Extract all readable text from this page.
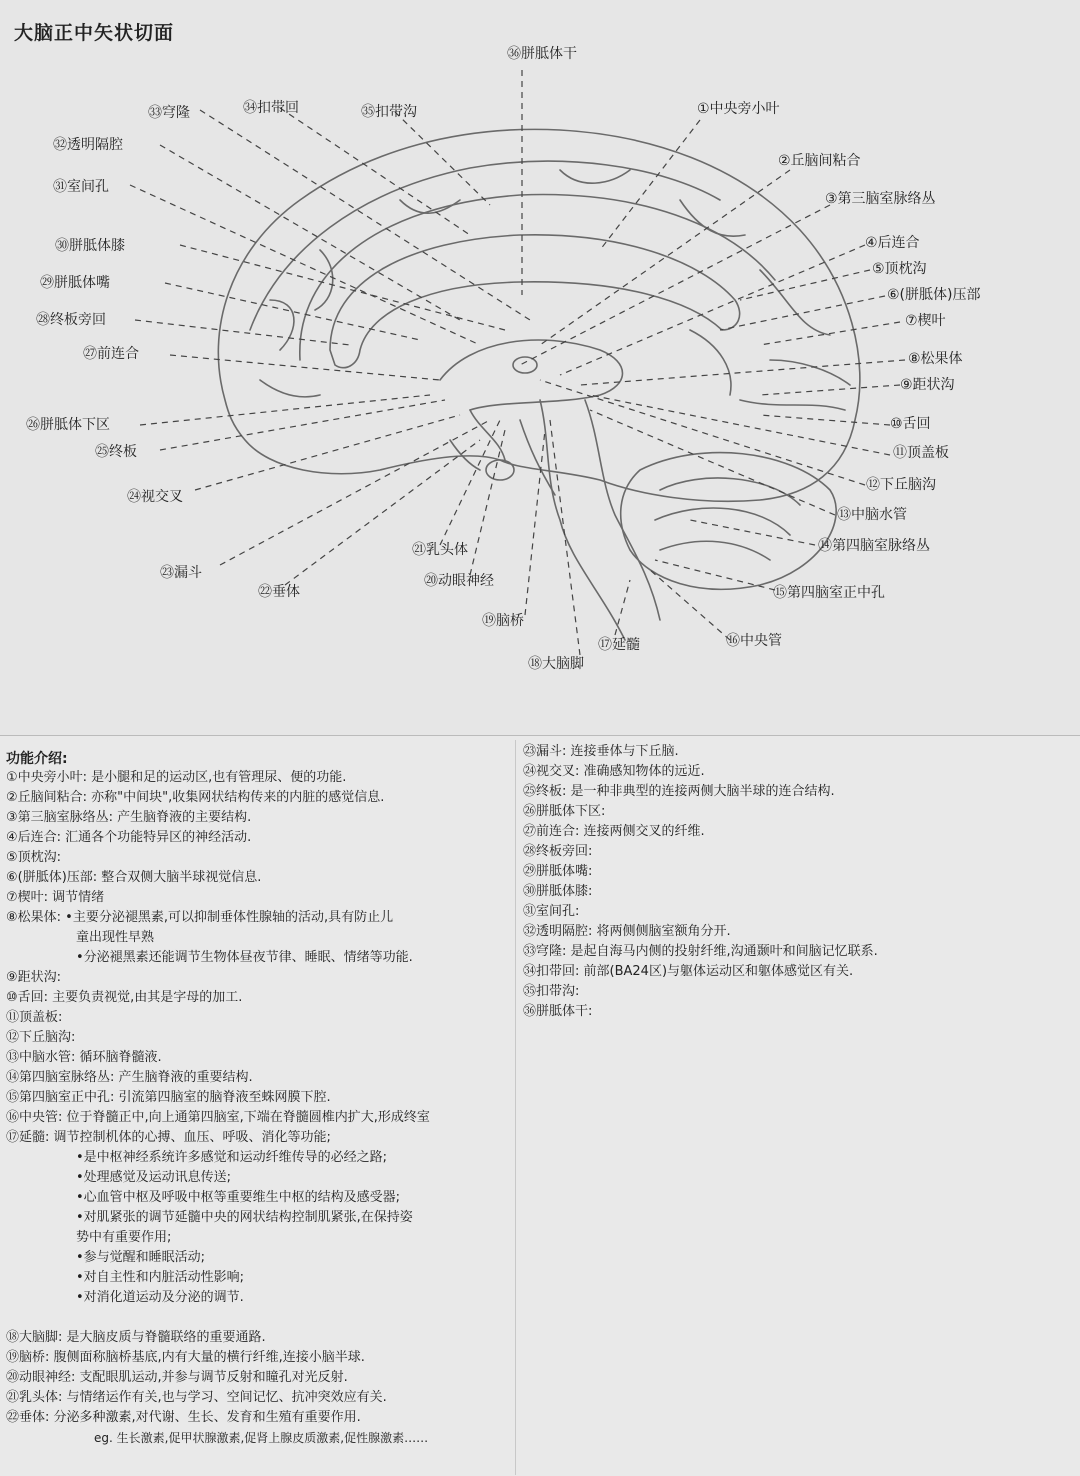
大脑正中矢状切面
㊱胼胝体干
①中央旁小叶
②丘脑间粘合
③第三脑室脉络丛
④后连合
⑤顶枕沟
⑥(胼胝体)压部
⑦楔叶
⑧松果体
⑨距状沟
⑩舌回
⑪顶盖板
⑫下丘脑沟
⑬中脑水管
⑭第四脑室脉络丛
⑮第四脑室正中孔
⑯中央管
⑰延髓
⑱大脑脚
⑲脑桥
⑳动眼神经
㉑乳头体
㉒垂体
㉓漏斗
㉔视交叉
㉕终板
㉖胼胝体下区
㉗前连合
㉘终板旁回
㉙胼胝体嘴
㉚胼胝体膝
㉛室间孔
㉜透明隔腔
㉝穹隆	㉞扣带回	㉟扣带沟
功能介绍:
①中央旁小叶: 是小腿和足的运动区,也有管理尿、便的功能.
②丘脑间粘合: 亦称"中间块",收集网状结构传来的内脏的感觉信息.
③第三脑室脉络丛: 产生脑脊液的主要结构.
④后连合: 汇通各个功能特异区的神经活动.
⑤顶枕沟:
⑥(胼胝体)压部: 整合双侧大脑半球视觉信息.
⑦楔叶: 调节情绪
⑧松果体: •主要分泌褪黑素,可以抑制垂体性腺轴的活动,具有防止儿
童出现性早熟
•分泌褪黑素还能调节生物体昼夜节律、睡眠、情绪等功能.
⑨距状沟:
⑩舌回: 主要负责视觉,由其是字母的加工.
⑪顶盖板:
⑫下丘脑沟:
⑬中脑水管: 循环脑脊髓液.
⑭第四脑室脉络丛: 产生脑脊液的重要结构.
⑮第四脑室正中孔: 引流第四脑室的脑脊液至蛛网膜下腔.
⑯中央管: 位于脊髓正中,向上通第四脑室,下端在脊髓圆椎内扩大,形成终室
⑰延髓: 调节控制机体的心搏、血压、呼吸、消化等功能;
•是中枢神经系统许多感觉和运动纤维传导的必经之路;
•处理感觉及运动讯息传送;
•心血管中枢及呼吸中枢等重要维生中枢的结构及感受器;
•对肌紧张的调节延髓中央的网状结构控制肌紧张,在保持姿
势中有重要作用;
•参与觉醒和睡眠活动;
•对自主性和内脏活动性影响;
•对消化道运动及分泌的调节.

⑱大脑脚: 是大脑皮质与脊髓联络的重要通路.
⑲脑桥: 腹侧面称脑桥基底,内有大量的横行纤维,连接小脑半球.
⑳动眼神经: 支配眼肌运动,并参与调节反射和瞳孔对光反射.
㉑乳头体: 与情绪运作有关,也与学习、空间记忆、抗冲突效应有关.
㉒垂体: 分泌多种激素,对代谢、生长、发育和生殖有重要作用.
eg. 生长激素,促甲状腺激素,促肾上腺皮质激素,促性腺激素……
㉓漏斗: 连接垂体与下丘脑.
㉔视交叉: 准确感知物体的远近.
㉕终板: 是一种非典型的连接两侧大脑半球的连合结构.
㉖胼胝体下区:
㉗前连合: 连接两侧交叉的纤维.
㉘终板旁回:
㉙胼胝体嘴:
㉚胼胝体膝:
㉛室间孔:
㉜透明隔腔: 将两侧侧脑室额角分开.
㉝穹隆: 是起自海马内侧的投射纤维,沟通颞叶和间脑记忆联系.
㉞扣带回: 前部(BA24区)与躯体运动区和躯体感觉区有关.
㉟扣带沟:
㊱胼胝体干:
